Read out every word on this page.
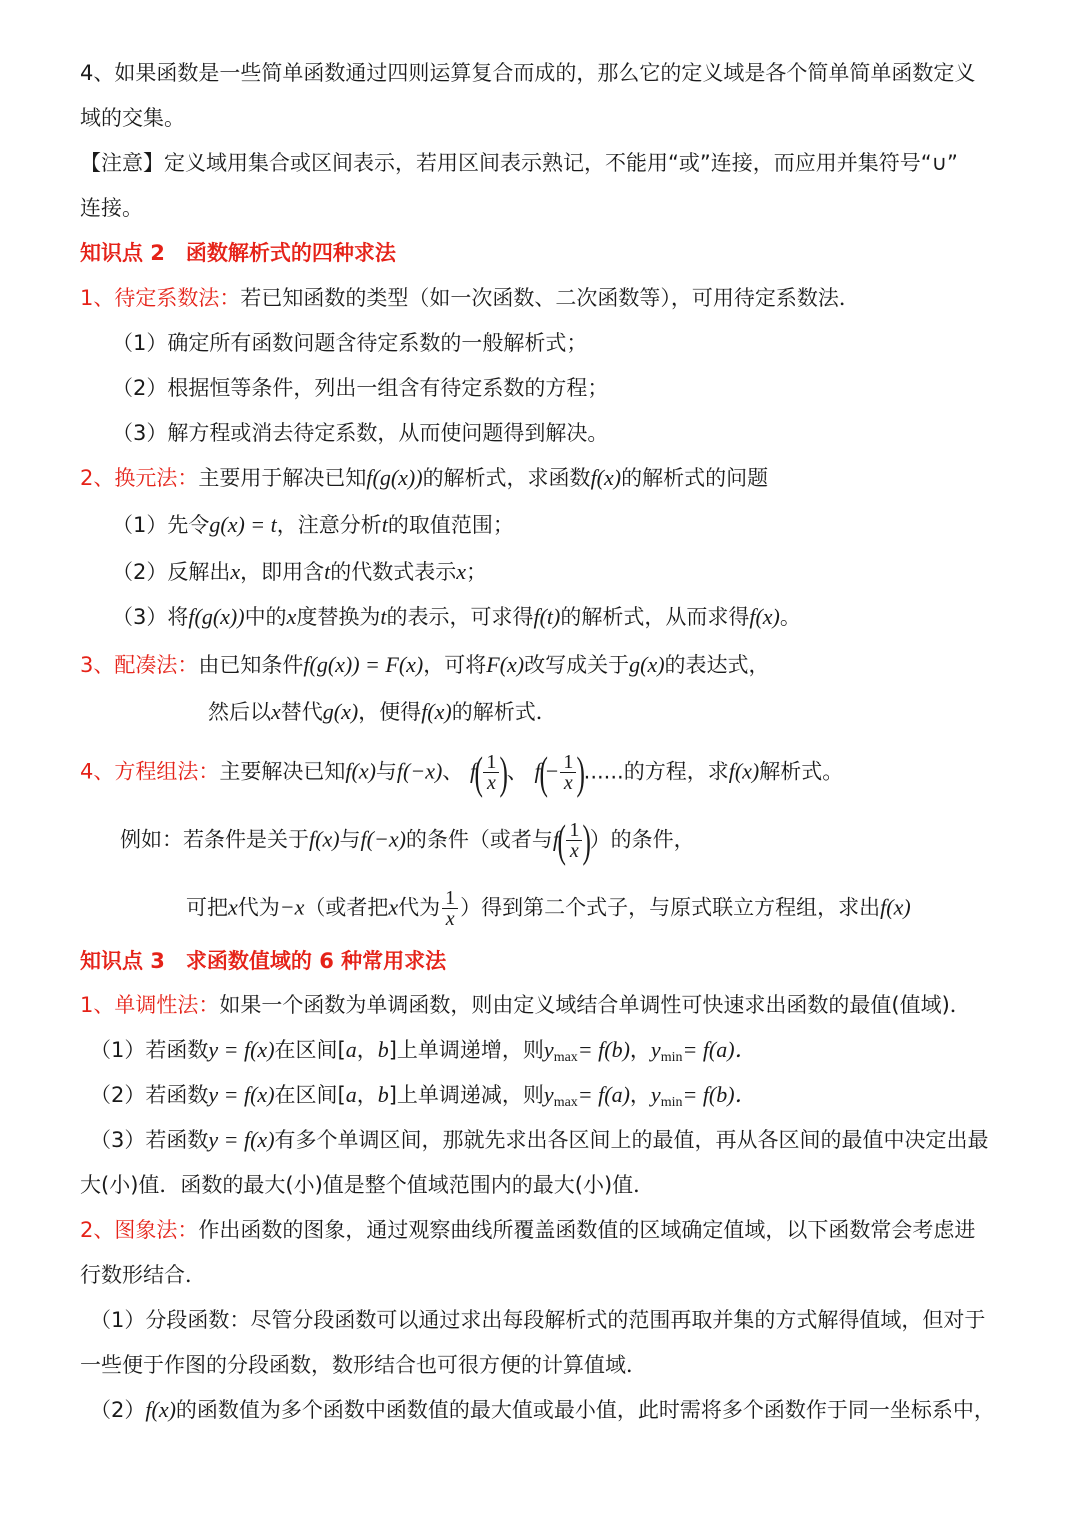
4、如果函数是一些简单函数通过四则运算复合而成的，那么它的定义域是各个简单简单函数定义
域的交集。
【注意】定义域用集合或区间表示，若用区间表示熟记，不能用“或”连接，而应用并集符号“∪”
连接。
知识点 2　函数解析式的四种求法
1、待定系数法：若已知函数的类型（如一次函数、二次函数等），可用待定系数法．
（1）确定所有函数问题含待定系数的一般解析式；
（2）根据恒等条件，列出一组含有待定系数的方程；
（3）解方程或消去待定系数，从而使问题得到解决。
2、换元法：主要用于解决已知f(g(x))的解析式，求函数f(x)的解析式的问题
（1）先令g(x) = t，注意分析t的取值范围；
（2）反解出x，即用含t的代数式表示x；
（3）将f(g(x))中的x度替换为t的表示，可求得f(t)的解析式，从而求得f(x)。
3、配凑法：由已知条件f(g(x)) = F(x)，可将F(x)改写成关于g(x)的表达式，
然后以x替代g(x)，便得f(x)的解析式．
4、方程组法：主要解决已知f(x)与f(−x)、 $f( \frac{1}{x}$ )、 $f(- \frac{1}{x}$ )......的方程，求f(x)解析式。
例如：若条件是关于f(x)与f(−x)的条件（或者与$f( \frac{1}{x}$ )）的条件，
可把x代为−x（或者把x代为 $\frac{1}{x}$ ）得到第二个式子，与原式联立方程组，求出f(x)
知识点 3　求函数值域的 6 种常用求法
1、单调性法：如果一个函数为单调函数，则由定义域结合单调性可快速求出函数的最值(值域)．
（1）若函数y = f(x)在区间[a，b]上单调递增，则$y_{max}= f(b)$，$y_{min}= f(a)$．
（2）若函数y = f(x)在区间[a，b]上单调递减，则$y_{max}= f(a)$，$y_{min}= f(b)$．
（3）若函数y = f(x)有多个单调区间，那就先求出各区间上的最值，再从各区间的最值中决定出最
大(小)值．函数的最大(小)值是整个值域范围内的最大(小)值．
2、图象法：作出函数的图象，通过观察曲线所覆盖函数值的区域确定值域，以下函数常会考虑进
行数形结合．
（1）分段函数：尽管分段函数可以通过求出每段解析式的范围再取并集的方式解得值域，但对于
一些便于作图的分段函数，数形结合也可很方便的计算值域．
（2）f(x)的函数值为多个函数中函数值的最大值或最小值，此时需将多个函数作于同一坐标系中，
